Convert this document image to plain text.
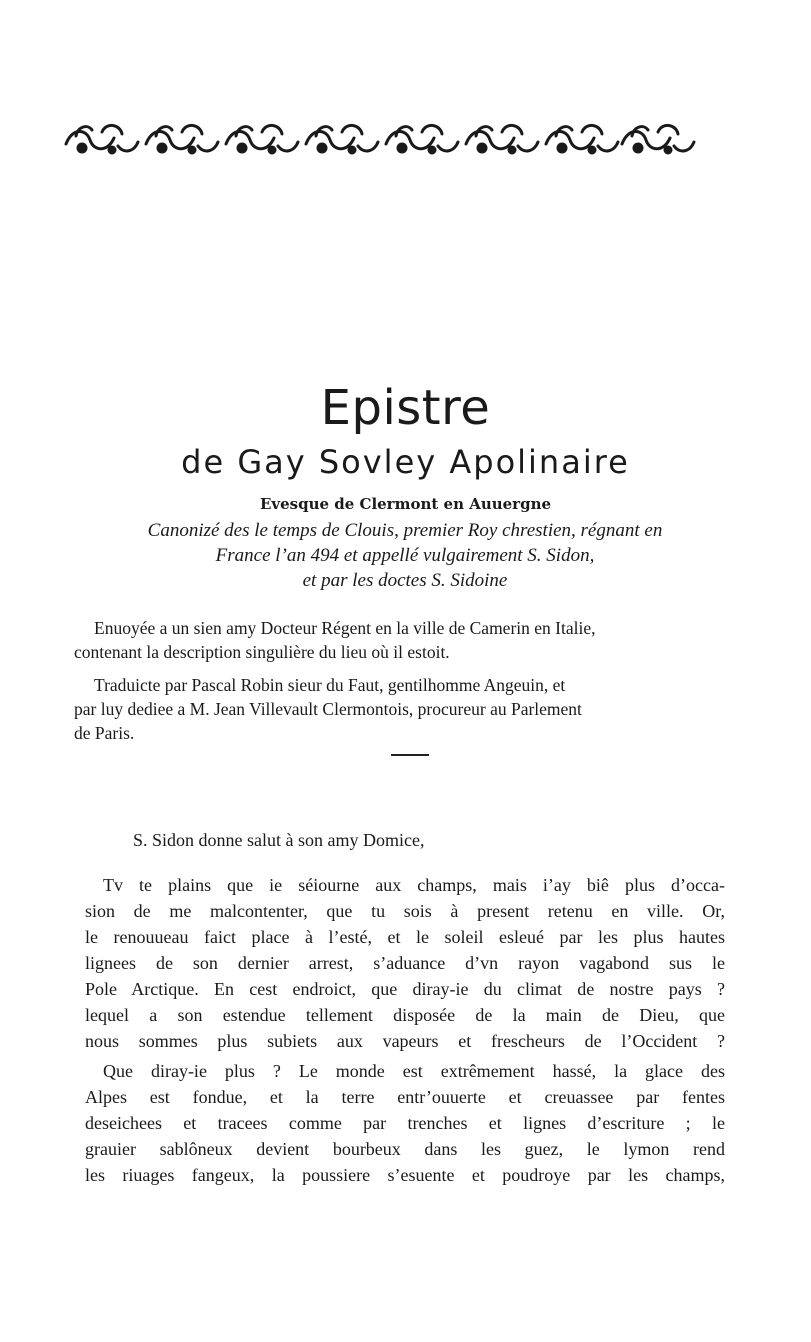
Epistre
de Gay Sovley Apolinaire
Evesque de Clermont en Auuergne
Canonizé des le temps de Clouis, premier Roy chrestien, régnant en
France l’an 494 et appellé vulgairement S. Sidon,
et par les doctes S. Sidoine
Enuoyée a un sien amy Docteur Régent en la ville de Camerin en Italie,
contenant la description singulière du lieu où il estoit.
Traduicte par Pascal Robin sieur du Faut, gentilhomme Angeuin, et
par luy dediee a M. Jean Villevault Clermontois, procureur au Parlement
de Paris.
S. Sidon donne salut à son amy Domice,
Tv te plains que ie séiourne aux champs, mais i’ay biê plus d’occa-
sion de me malcontenter, que tu sois à present retenu en ville. Or,
le renouueau faict place à l’esté, et le soleil esleué par les plus hautes
lignees de son dernier arrest, s’aduance d’vn rayon vagabond sus le
Pole Arctique. En cest endroict, que diray-ie du climat de nostre pays ?
lequel a son estendue tellement disposée de la main de Dieu, que
nous sommes plus subiets aux vapeurs et frescheurs de l’Occident ?
Que diray-ie plus ? Le monde est extrêmement hassé, la glace des
Alpes est fondue, et la terre entr’ouuerte et creuassee par fentes
deseichees et tracees comme par trenches et lignes d’escriture ; le
grauier sablôneux devient bourbeux dans les guez, le lymon rend
les riuages fangeux, la poussiere s’esuente et poudroye par les champs,
